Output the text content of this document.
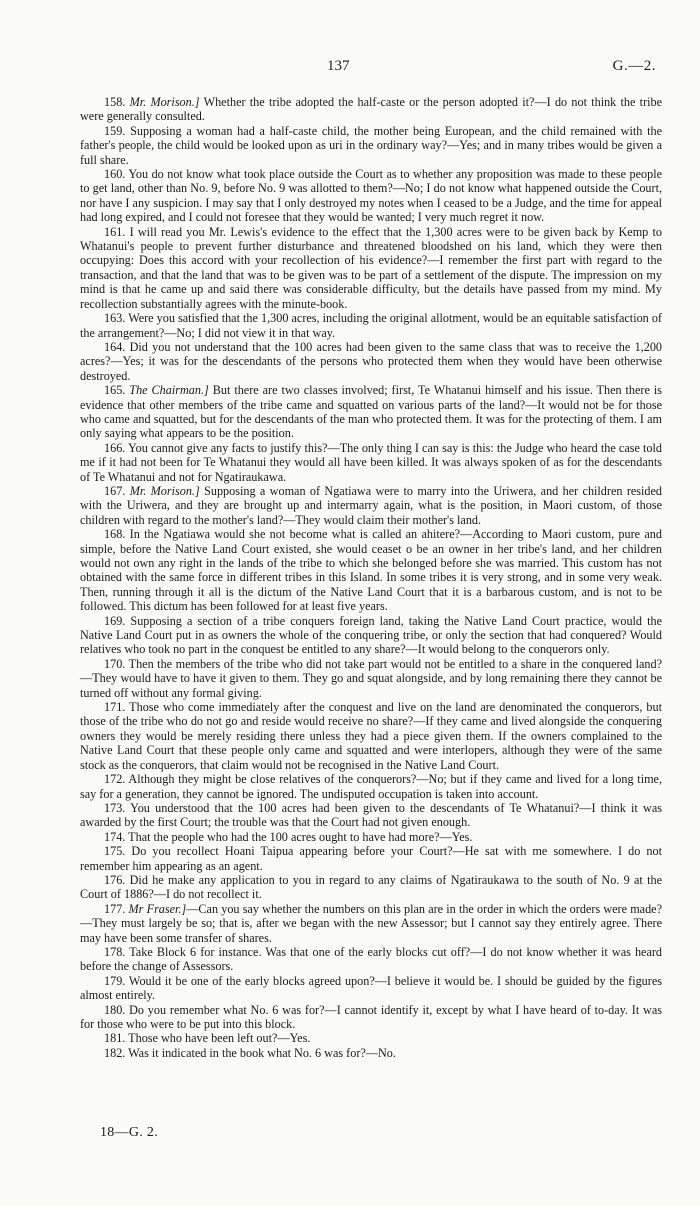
137	G.—2.

158. Mr. Morison.] Whether the tribe adopted the half-caste or the person adopted it?—I do not think the tribe were generally consulted.

159. Supposing a woman had a half-caste child, the mother being European, and the child remained with the father's people, the child would be looked upon as uri in the ordinary way?—Yes; and in many tribes would be given a full share.

160. You do not know what took place outside the Court as to whether any proposition was made to these people to get land, other than No. 9, before No. 9 was allotted to them?—No; I do not know what happened outside the Court, nor have I any suspicion. I may say that I only destroyed my notes when I ceased to be a Judge, and the time for appeal had long expired, and I could not foresee that they would be wanted; I very much regret it now.

161. I will read you Mr. Lewis's evidence to the effect that the 1,300 acres were to be given back by Kemp to Whatanui's people to prevent further disturbance and threatened bloodshed on his land, which they were then occupying: Does this accord with your recollection of his evidence?—I remember the first part with regard to the transaction, and that the land that was to be given was to be part of a settlement of the dispute. The impression on my mind is that he came up and said there was considerable difficulty, but the details have passed from my mind. My recollection substantially agrees with the minute-book.

163. Were you satisfied that the 1,300 acres, including the original allotment, would be an equitable satisfaction of the arrangement?—No; I did not view it in that way.

164. Did you not understand that the 100 acres had been given to the same class that was to receive the 1,200 acres?—Yes; it was for the descendants of the persons who protected them when they would have been otherwise destroyed.

165. The Chairman.] But there are two classes involved; first, Te Whatanui himself and his issue. Then there is evidence that other members of the tribe came and squatted on various parts of the land?—It would not be for those who came and squatted, but for the descendants of the man who protected them. It was for the protecting of them. I am only saying what appears to be the position.

166. You cannot give any facts to justify this?—The only thing I can say is this: the Judge who heard the case told me if it had not been for Te Whatanui they would all have been killed. It was always spoken of as for the descendants of Te Whatanui and not for Ngatiraukawa.

167. Mr. Morison.] Supposing a woman of Ngatiawa were to marry into the Uriwera, and her children resided with the Uriwera, and they are brought up and intermarry again, what is the position, in Maori custom, of those children with regard to the mother's land?—They would claim their mother's land.

168. In the Ngatiawa would she not become what is called an ahitere?—According to Maori custom, pure and simple, before the Native Land Court existed, she would ceaset o be an owner in her tribe's land, and her children would not own any right in the lands of the tribe to which she belonged before she was married. This custom has not obtained with the same force in different tribes in this Island. In some tribes it is very strong, and in some very weak. Then, running through it all is the dictum of the Native Land Court that it is a barbarous custom, and is not to be followed. This dictum has been followed for at least five years.

169. Supposing a section of a tribe conquers foreign land, taking the Native Land Court practice, would the Native Land Court put in as owners the whole of the conquering tribe, or only the section that had conquered? Would relatives who took no part in the conquest be entitled to any share?—It would belong to the conquerors only.

170. Then the members of the tribe who did not take part would not be entitled to a share in the conquered land?—They would have to have it given to them. They go and squat alongside, and by long remaining there they cannot be turned off without any formal giving.

171. Those who come immediately after the conquest and live on the land are denominated the conquerors, but those of the tribe who do not go and reside would receive no share?—If they came and lived alongside the conquering owners they would be merely residing there unless they had a piece given them. If the owners complained to the Native Land Court that these people only came and squatted and were interlopers, although they were of the same stock as the conquerors, that claim would not be recognised in the Native Land Court.

172. Although they might be close relatives of the conquerors?—No; but if they came and lived for a long time, say for a generation, they cannot be ignored. The undisputed occupation is taken into account.

173. You understood that the 100 acres had been given to the descendants of Te Whatanui?—I think it was awarded by the first Court; the trouble was that the Court had not given enough.

174. That the people who had the 100 acres ought to have had more?—Yes.

175. Do you recollect Hoani Taipua appearing before your Court?—He sat with me somewhere. I do not remember him appearing as an agent.

176. Did he make any application to you in regard to any claims of Ngatiraukawa to the south of No. 9 at the Court of 1886?—I do not recollect it.

177. Mr Fraser.]—Can you say whether the numbers on this plan are in the order in which the orders were made?—They must largely be so; that is, after we began with the new Assessor; but I cannot say they entirely agree. There may have been some transfer of shares.

178. Take Block 6 for instance. Was that one of the early blocks cut off?—I do not know whether it was heard before the change of Assessors.

179. Would it be one of the early blocks agreed upon?—I believe it would be. I should be guided by the figures almost entirely.

180. Do you remember what No. 6 was for?—I cannot identify it, except by what I have heard of to-day. It was for those who were to be put into this block.

181. Those who have been left out?—Yes.

182. Was it indicated in the book what No. 6 was for?—No.

18—G. 2.
